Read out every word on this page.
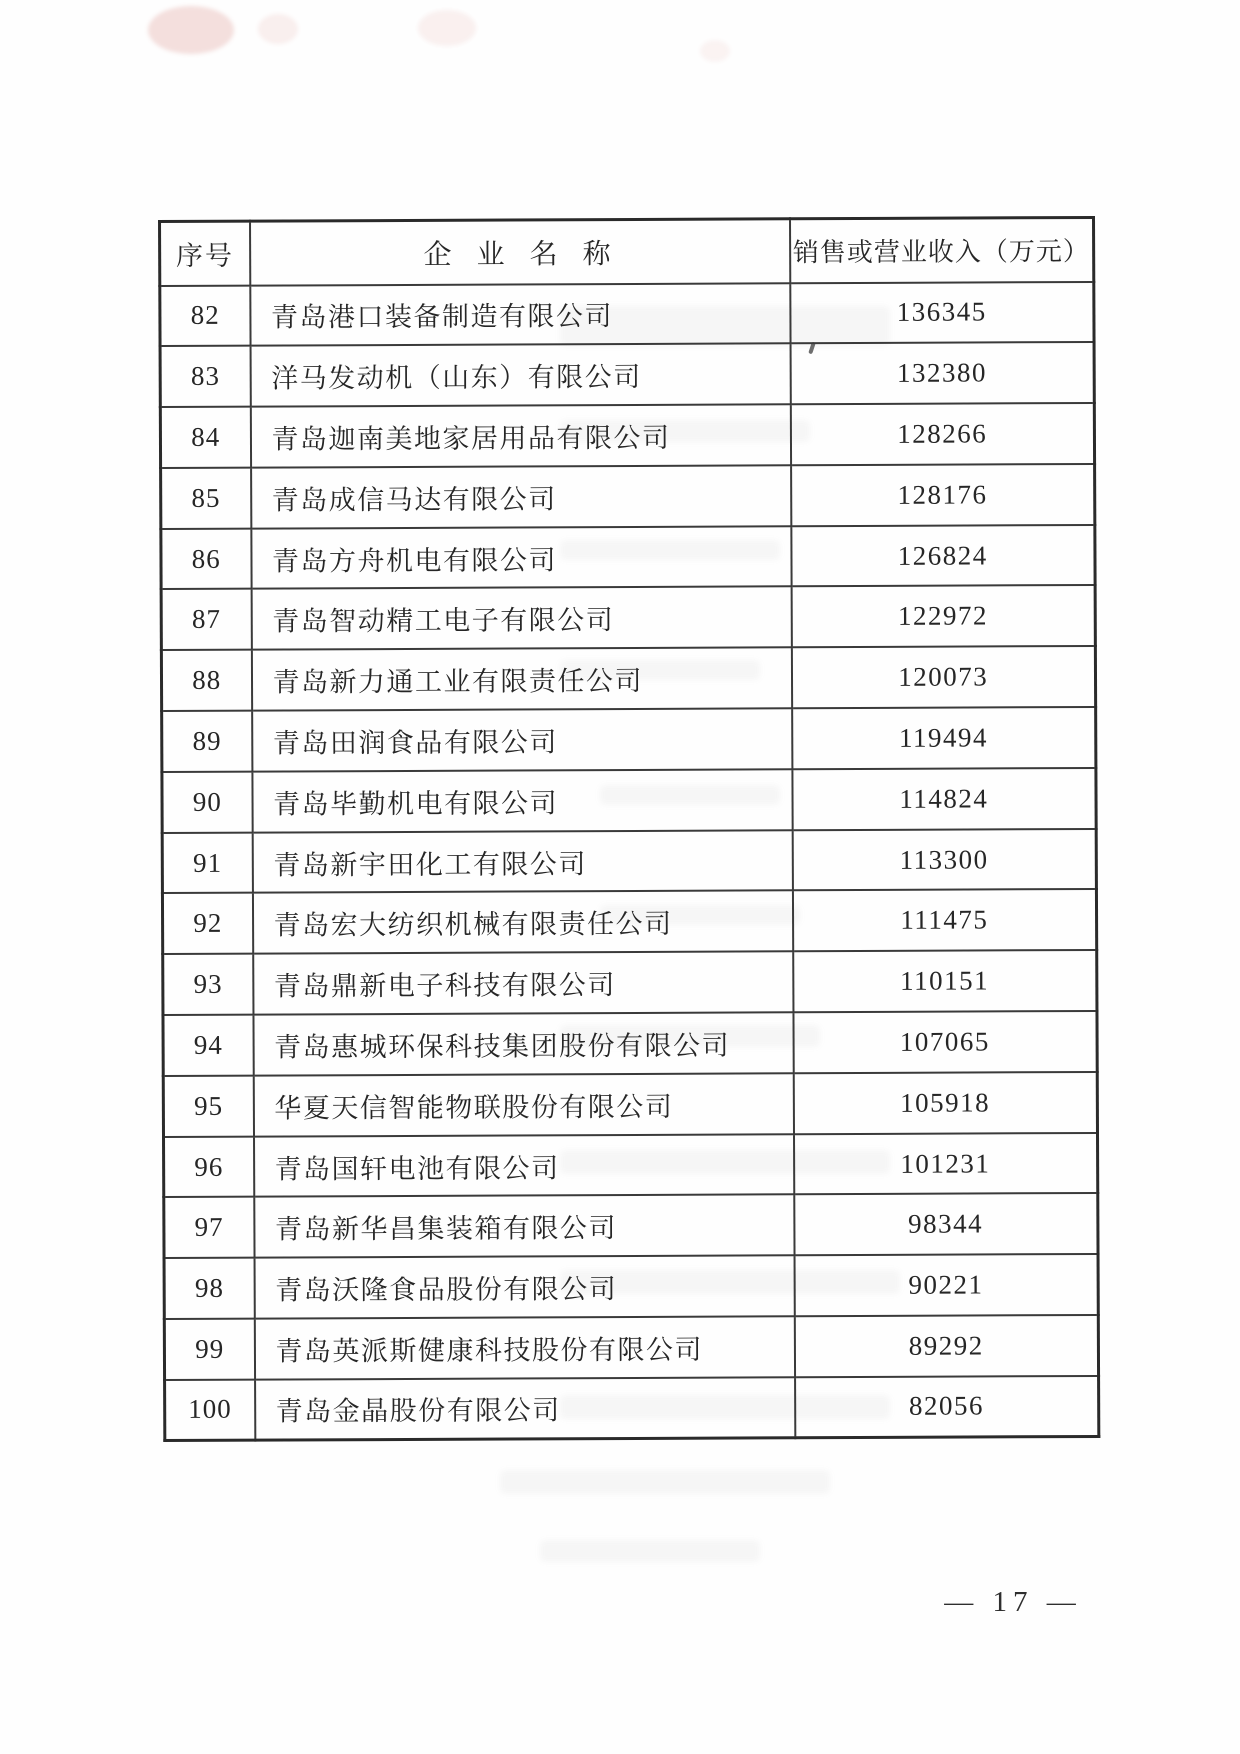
序号	企 业 名 称	销售或营业收入（万元）
82	青岛港口装备制造有限公司	136345
83	洋马发动机（山东）有限公司	132380
84	青岛迦南美地家居用品有限公司	128266
85	青岛成信马达有限公司	128176
86	青岛方舟机电有限公司	126824
87	青岛智动精工电子有限公司	122972
88	青岛新力通工业有限责任公司	120073
89	青岛田润食品有限公司	119494
90	青岛毕勤机电有限公司	114824
91	青岛新宇田化工有限公司	113300
92	青岛宏大纺织机械有限责任公司	111475
93	青岛鼎新电子科技有限公司	110151
94	青岛惠城环保科技集团股份有限公司	107065
95	华夏天信智能物联股份有限公司	105918
96	青岛国轩电池有限公司	101231
97	青岛新华昌集装箱有限公司	98344
98	青岛沃隆食品股份有限公司	90221
99	青岛英派斯健康科技股份有限公司	89292
100	青岛金晶股份有限公司	82056
— 17 —
